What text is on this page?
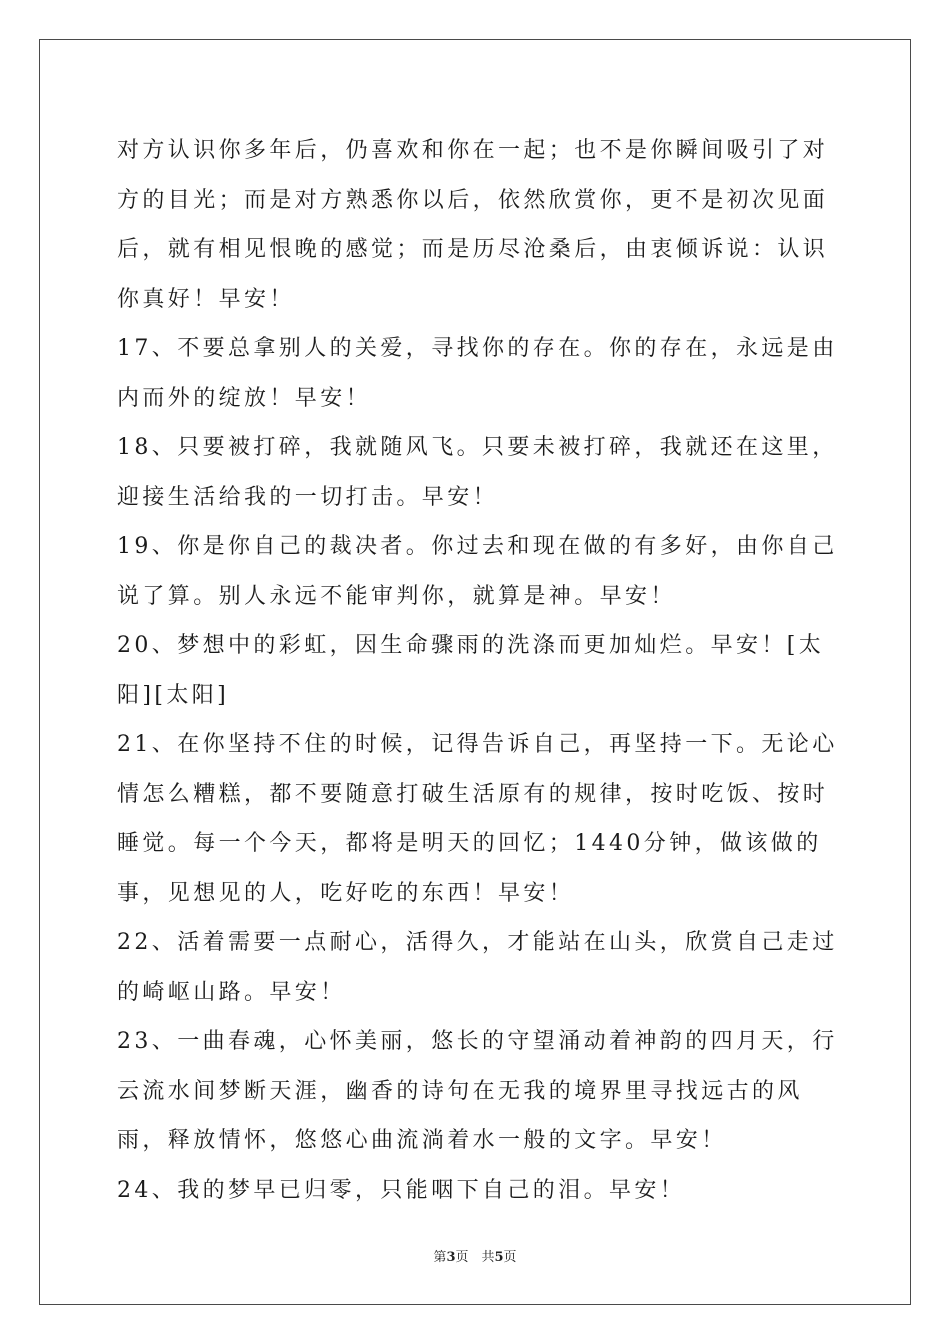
对方认识你多年后，仍喜欢和你在一起；也不是你瞬间吸引了对方的目光；而是对方熟悉你以后，依然欣赏你，更不是初次见面后，就有相见恨晚的感觉；而是历尽沧桑后，由衷倾诉说：认识你真好！早安！

17、不要总拿别人的关爱，寻找你的存在。你的存在，永远是由内而外的绽放！早安！

18、只要被打碎，我就随风飞。只要未被打碎，我就还在这里，迎接生活给我的一切打击。早安！

19、你是你自己的裁决者。你过去和现在做的有多好，由你自己说了算。别人永远不能审判你，就算是神。早安！

20、梦想中的彩虹，因生命骤雨的洗涤而更加灿烂。早安！[太阳][太阳]

21、在你坚持不住的时候，记得告诉自己，再坚持一下。无论心情怎么糟糕，都不要随意打破生活原有的规律，按时吃饭、按时睡觉。每一个今天，都将是明天的回忆；1440分钟，做该做的事，见想见的人，吃好吃的东西！早安！

22、活着需要一点耐心，活得久，才能站在山头，欣赏自己走过的崎岖山路。早安！

23、一曲春魂，心怀美丽，悠长的守望涌动着神韵的四月天，行云流水间梦断天涯，幽香的诗句在无我的境界里寻找远古的风雨，释放情怀，悠悠心曲流淌着水一般的文字。早安！

24、我的梦早已归零，只能咽下自己的泪。早安！

第3页　共5页
